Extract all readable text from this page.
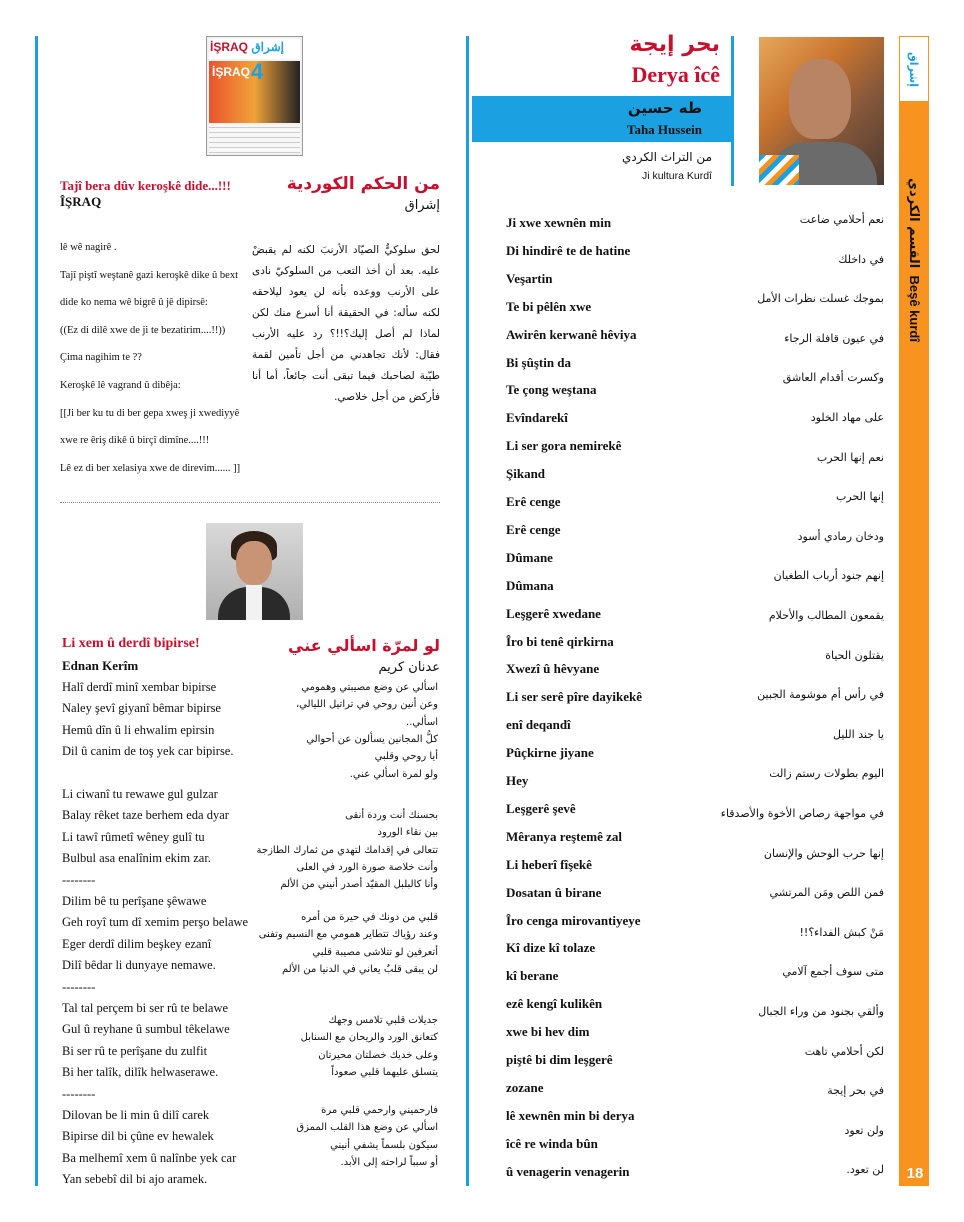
إشراق
القسم الكردي  Beşê kurdî
18
بحر إيجة
Derya îcê
طه حسين
Taha Hussein
من التراث الكردي
Ji kultura Kurdî
Ji xwe xewnên min
Di hindirê te de hatine
Veşartin
Te bi pêlên xwe
Awirên kerwanê hêviya
Bi şûştin da
Te çong weştana
Evîndarekî
Li ser gora nemirekê
Şikand
Erê cenge
Erê cenge
Dûmane
Dûmana
Leşgerê xwedane
Îro bi tenê qirkirna
Xwezî û hêvyane
Li ser serê pîre dayikekê
enî deqandî
Pûçkirne jiyane
Hey
Leşgerê şevê
Mêranya reştemê zal
Li heberî fîşekê
Dosatan û birane
Îro cenga mirovantiyeye
Kî dize kî tolaze
kî berane
ezê kengî kulikên
xwe bi hev dim
piştê bi dim leşgerê
zozane
lê xewnên min bi derya
îcê re winda bûn
û venagerin venagerin
نعم أحلامي ضاعت
في داخلك
بموجك غسلت نظرات الأمل
في عيون قافلة الرجاء
وكسرت أقدام العاشق
على مهاد الخلود
نعم إنها الحرب
إنها الحرب
ودخان رمادي أسود
إنهم جنود أرباب الطغيان
يقمعون المطالب والأحلام
يقتلون الحياة
في رأس أم موشومة الجبين
يا جند الليل
اليوم بطولات رستم زالت
في مواجهة رصاص الأخوة والأصدقاء
إنها حرب الوحش والإنسان
فمن اللص ومَن المرتشي
مَنْ كبش الفداء؟!!
متى سوف أجمع آلامي
وألقي بجنود من وراء الجبال
لكن أحلامي تاهت
في بحر إيجة
ولن تعود
لن تعود.
İŞRAQ إشراق
İŞRAQ 4
Tajî bera dûv keroşkê dide...!!!
ÎŞRAQ
من الحكم الكوردية
إشراق
lê wê nagirê .
Tajî piştî weştanê gazi keroşkê dike û bext
dide ko nema wê bigrê û jê dipirsê:
((Ez di dilê xwe de ji te bezatirim....!!))
Çima nagihim te ??
Keroşkê lê vagrand û dibêja:
[[Ji ber ku tu di ber gepa xweş ji xwediyyê
xwe re êriş dikê û birçî dimîne....!!!
Lê ez di ber xelasiya xwe de direvim...... ]]
لحق سلوكيُّ الصيّاد الأرنبَ لكنه لم يقبضْ عليه. بعد أن أخذ التعب من السلوكيّ نادى على الأرنب ووعده بأنه لن يعود ليلاحقه لكنه سأله: في الحقيقة أنا أسرع منك لكن لماذا لم أصل إليك؟!!؟ رد عليه الأرنب فقال: لأنك تجاهدني من أجل تأمين لقمة طيّبة لصاحبك فيما تبقى أنت جائعاً، أما أنا فأركض من أجل خلاصي.
Li xem û derdî bipirse!
Ednan Kerîm
لو لمرّة اسألي عني
عدنان كريم
Halî derdî minî xembar bipirse
Naley şevî giyanî bêmar bipirse
Hemû dîn û li ehwalim epirsin
Dil û canim de toş yek car bipirse.
Li ciwanî tu rewawe gul gulzar
Balay rêket taze berhem eda dyar
Li tawî rûmetî wêney gulî tu
Bulbul asa enalînim ekim zar.
--------
Dilim bê tu perîşane şêwawe
Geh royî tum dî xemim perşo belawe
Eger derdî dilim beşkey ezanî
Dilî bêdar li dunyaye nemawe.
--------
Tal tal perçem bi ser rû te belawe
Gul û reyhane û sumbul têkelawe
Bi ser rû te perîşane du zulfit
Bi her talîk, dilîk helwaserawe.
--------
Dilovan be li min û dilî carek
Bipirse dil bi çûne ev hewalek
Ba melhemî xem û nalînbe yek car
Yan sebebî dil bi ajo aramek.
اسألي عن وضع مصيبتي وهمومي
وعن أنين روحي في تراتيل الليالي،
اسألي..
كلُّ المجانين يسألون عن أحوالي
أيا روحي وقلبي
ولو لمرة اسألي عني.
بحسنك أنت وردة أنقى
بين نقاء الورود
تتعالى في إقدامك لتهدي من ثمارك الطازجة
وأنت خلاصة صورة الورد في العلى
وأنا كالبلبل المقيّد أصدر أنيني من الألم
قلبي من دونك في حيرة من أمره
وعند رؤياك تتطاير همومي مع النسيم وتفنى
أتعرفين لو تتلاشى مصيبة قلبي
لن يبقى قلبٌ يعاني في الدنيا من الألم
جديلات قلبي تلامس وجهك
كتعانق الورد والريحان مع السنابل
وعلى خديك خصلتان محيرتان
يتسلق عليهما قلبي صعوداً
فارحميني وارحمي قلبي مرة
اسألي عن وضع هذا القلب الممزق
سيكون بلسماً يشفي أنيني
أو سبباً لراحته إلى الأبد.
